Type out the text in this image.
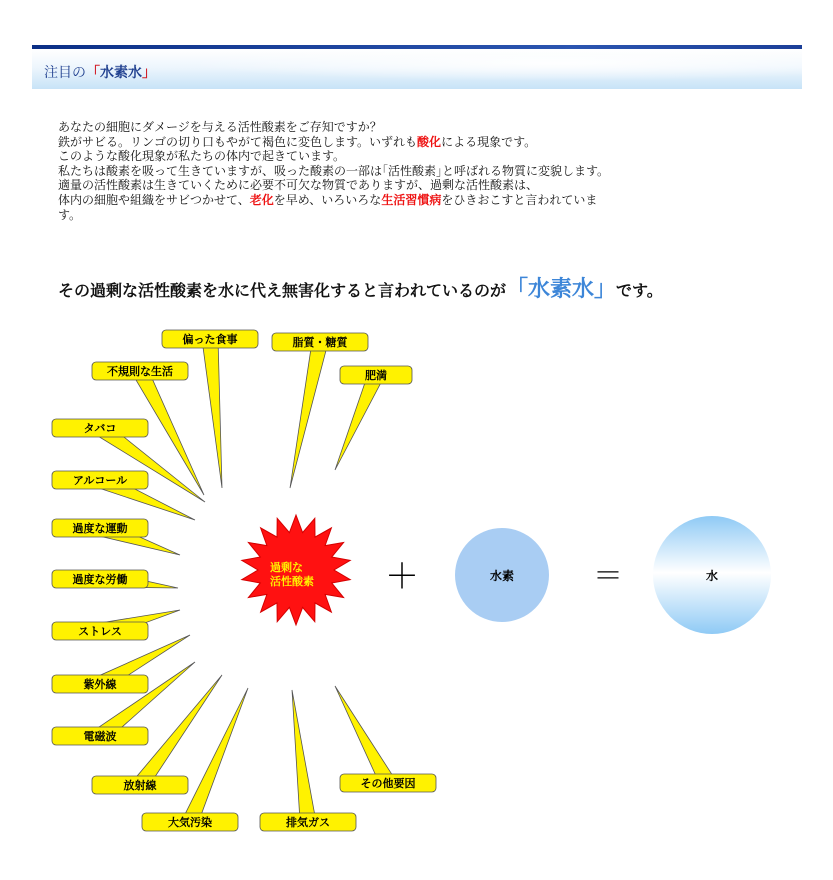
注目の「水素水」

あなたの細胞にダメージを与える活性酸素をご存知ですか？

鉄がサビる。リンゴの切り口もやがて褐色に変色します。いずれも酸化による現象です。

このような酸化現象が私たちの体内で起きています。

私たちは酸素を吸って生きていますが、吸った酸素の一部は｢活性酸素｣と呼ばれる物質に変貌します。

適量の活性酸素は生きていくために必要不可欠な物質でありますが、過剰な活性酸素は、

体内の細胞や組織をサビつかせて、老化を早め、いろいろな生活習慣病をひきおこすと言われていま

す。

その過剰な活性酸素を水に代え無害化すると言われているのが「水素水」です。
偏った食事	脂質・糖質
不規則な生活	肥満
タバコ
アルコール
過度な運動
過度な労働
ストレス
紫外線
電磁波
放射線	その他要因
大気汚染	排気ガス
過剰な
活性酸素 ＋	水素	＝	水
